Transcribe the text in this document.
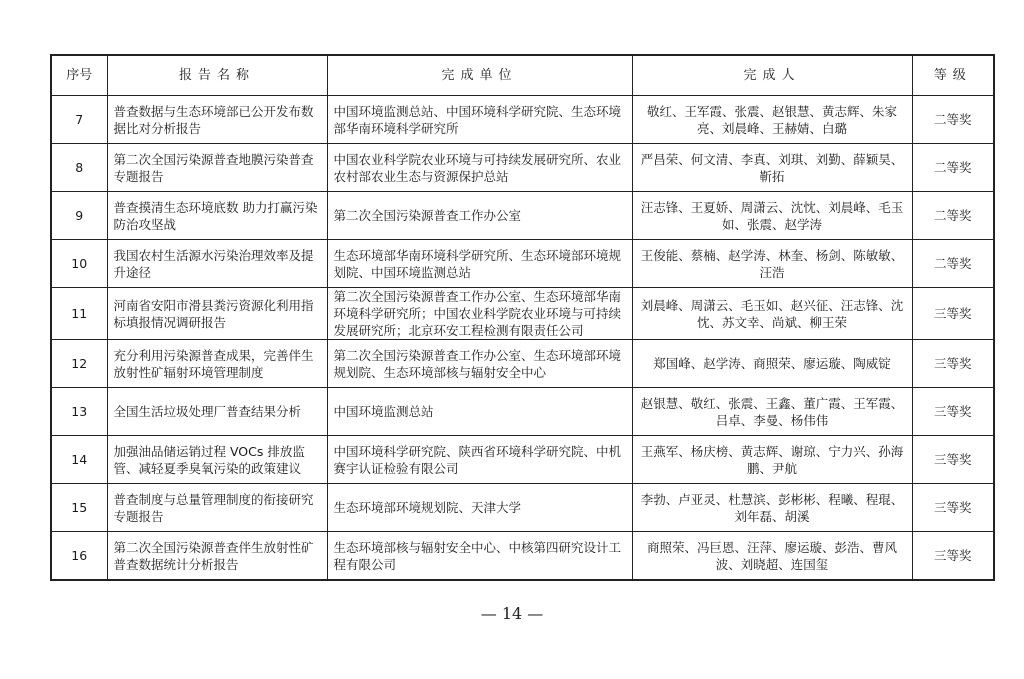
序号	报告名称	完成单位	完成人	等级
7	普查数据与生态环境部已公开发布数据比对分析报告	中国环境监测总站、中国环境科学研究院、生态环境部华南环境科学研究所	敬红、王军霞、张震、赵银慧、黄志辉、朱家亮、刘晨峰、王赫婧、白璐	二等奖
8	第二次全国污染源普查地膜污染普查专题报告	中国农业科学院农业环境与可持续发展研究所、农业农村部农业生态与资源保护总站	严昌荣、何文清、李真、刘琪、刘勤、薛颖昊、靳拓	二等奖
9	普查摸清生态环境底数 助力打赢污染防治攻坚战	第二次全国污染源普查工作办公室	汪志锋、王夏娇、周潇云、沈忱、刘晨峰、毛玉如、张震、赵学涛	二等奖
10	我国农村生活源水污染治理效率及提升途径	生态环境部华南环境科学研究所、生态环境部环境规划院、中国环境监测总站	王俊能、蔡楠、赵学涛、林奎、杨剑、陈敏敏、汪浩	二等奖
11	河南省安阳市滑县粪污资源化利用指标填报情况调研报告	第二次全国污染源普查工作办公室、生态环境部华南环境科学研究所；中国农业科学院农业环境与可持续发展研究所；北京环安工程检测有限责任公司	刘晨峰、周潇云、毛玉如、赵兴征、汪志锋、沈忱、苏文幸、尚斌、柳王荣	三等奖
12	充分利用污染源普查成果，完善伴生放射性矿辐射环境管理制度	第二次全国污染源普查工作办公室、生态环境部环境规划院、生态环境部核与辐射安全中心	郑国峰、赵学涛、商照荣、廖运璇、陶威锭	三等奖
13	全国生活垃圾处理厂普查结果分析	中国环境监测总站	赵银慧、敬红、张震、王鑫、董广霞、王军霞、吕卓、李曼、杨伟伟	三等奖
14	加强油品储运销过程 VOCs 排放监管、减轻夏季臭氧污染的政策建议	中国环境科学研究院、陕西省环境科学研究院、中机赛宇认证检验有限公司	王燕军、杨庆榜、黄志辉、谢琼、宁力兴、孙海鹏、尹航	三等奖
15	普查制度与总量管理制度的衔接研究专题报告	生态环境部环境规划院、天津大学	李勃、卢亚灵、杜慧滨、彭彬彬、程曦、程琨、刘年磊、胡溪	三等奖
16	第二次全国污染源普查伴生放射性矿普查数据统计分析报告	生态环境部核与辐射安全中心、中核第四研究设计工程有限公司	商照荣、冯巨恩、汪萍、廖运璇、彭浩、曹风波、刘晓超、连国玺	三等奖
— 14 —
